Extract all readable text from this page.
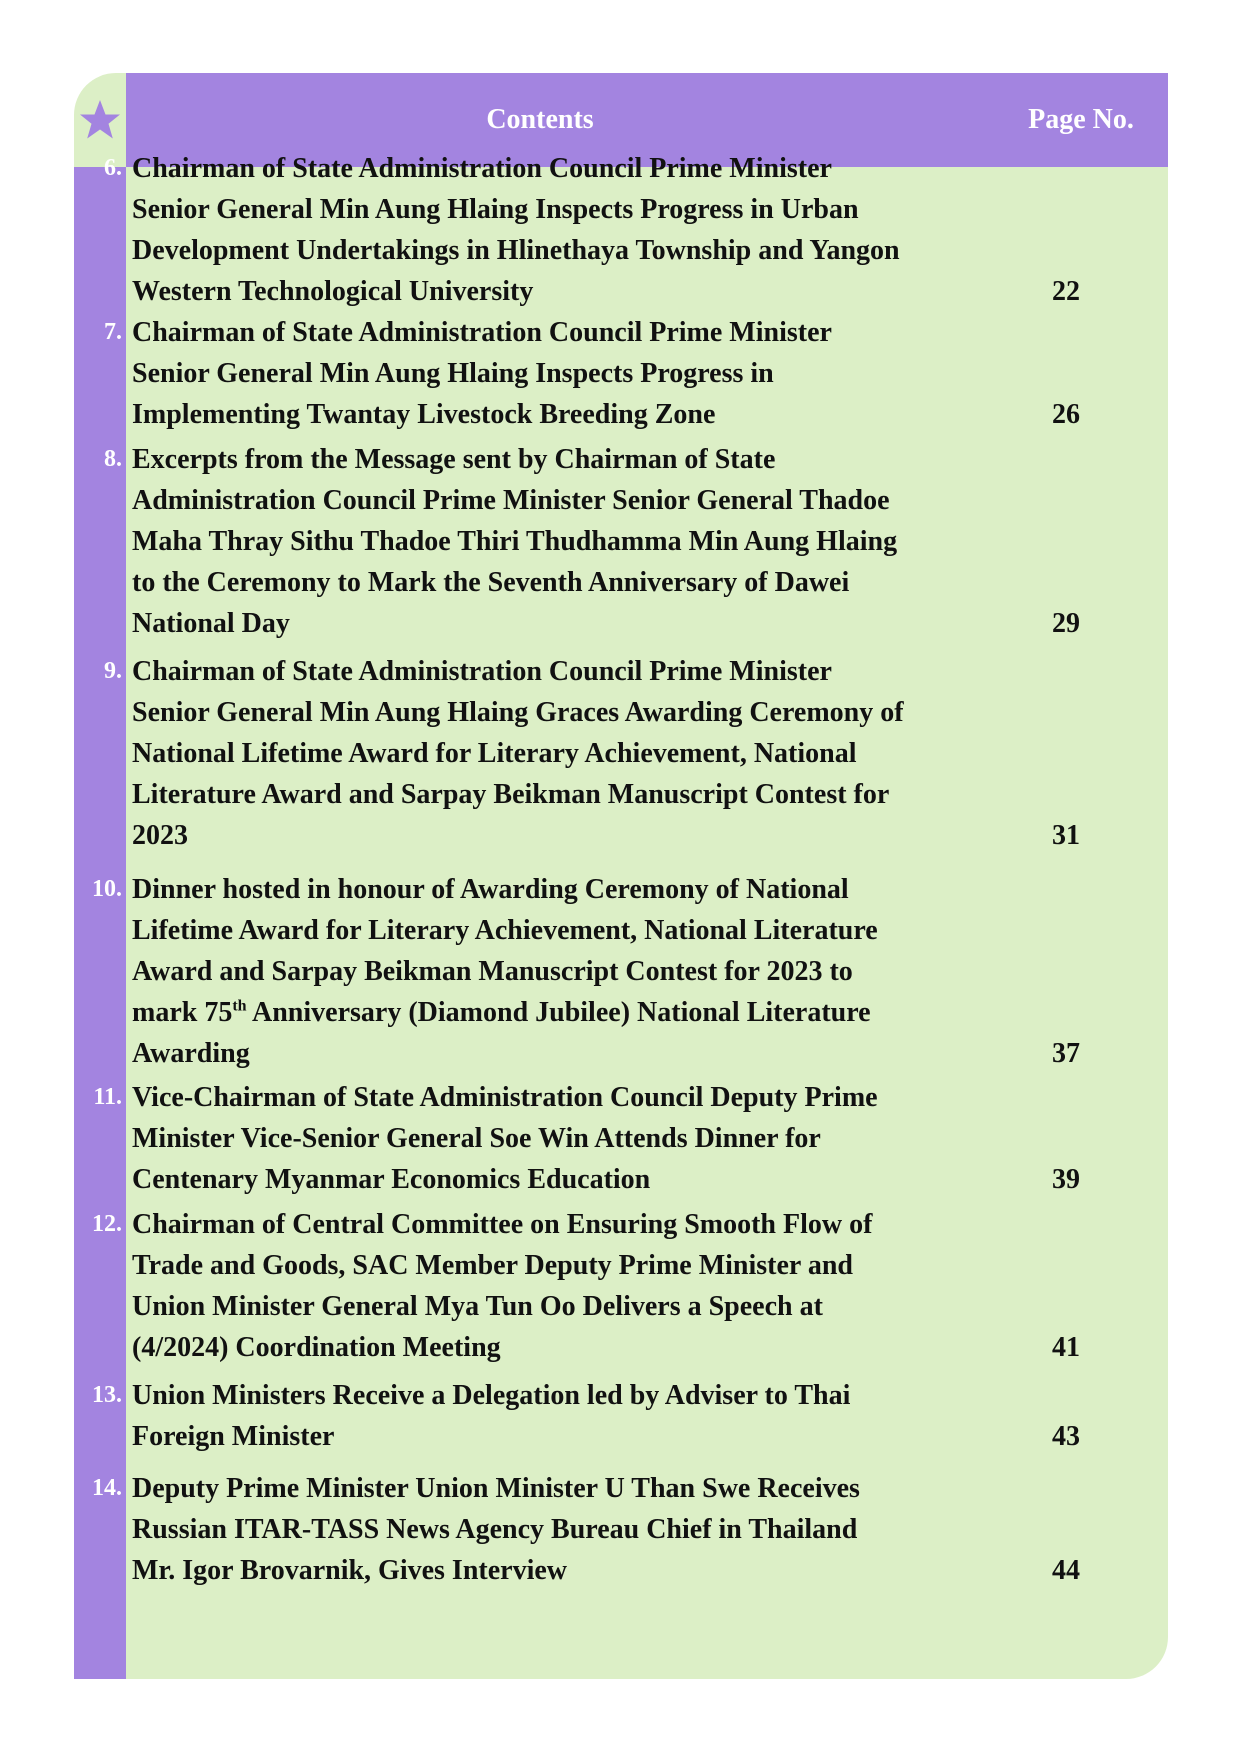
Contents	Page No.
6. Chairman of State Administration Council Prime Minister
Senior General Min Aung Hlaing Inspects Progress in Urban
Development Undertakings in Hlinethaya Township and Yangon
Western Technological University	22
7. Chairman of State Administration Council Prime Minister
Senior General Min Aung Hlaing Inspects Progress in
Implementing Twantay Livestock Breeding Zone	26
8. Excerpts from the Message sent by Chairman of State
Administration Council Prime Minister Senior General Thadoe
Maha Thray Sithu Thadoe Thiri Thudhamma Min Aung Hlaing
to the Ceremony to Mark the Seventh Anniversary of Dawei
National Day	29
9. Chairman of State Administration Council Prime Minister
Senior General Min Aung Hlaing Graces Awarding Ceremony of
National Lifetime Award for Literary Achievement, National
Literature Award and Sarpay Beikman Manuscript Contest for
2023	31
10. Dinner hosted in honour of Awarding Ceremony of National
Lifetime Award for Literary Achievement, National Literature
Award and Sarpay Beikman Manuscript Contest for 2023 to
mark 75th Anniversary (Diamond Jubilee) National Literature
Awarding	37
11. Vice-Chairman of State Administration Council Deputy Prime
Minister Vice-Senior General Soe Win Attends Dinner for
Centenary Myanmar Economics Education	39
12. Chairman of Central Committee on Ensuring Smooth Flow of
Trade and Goods, SAC Member Deputy Prime Minister and
Union Minister General Mya Tun Oo Delivers a Speech at
(4/2024) Coordination Meeting	41
13. Union Ministers Receive a Delegation led by Adviser to Thai
Foreign Minister	43
14. Deputy Prime Minister Union Minister U Than Swe Receives
Russian ITAR-TASS News Agency Bureau Chief in Thailand
Mr. Igor Brovarnik, Gives Interview	44
